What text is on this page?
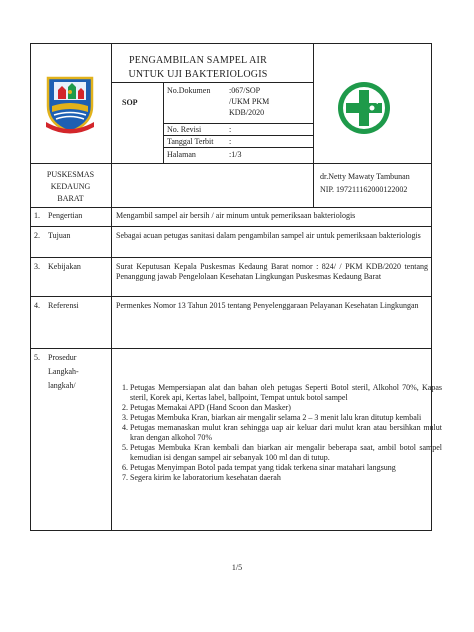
PENGAMBILAN SAMPEL AIR
UNTUK UJI BAKTERIOLOGIS
SOP
No.Dokumen :067/SOP
/UKM PKM
KDB/2020
No. Revisi	:
Tanggal Terbit :
Halaman	:1/3
PUSKESMAS
KEDAUNG
BARAT
dr.Netty Mawaty Tambunan
NIP. 197211162000122002
1. Pengertian	Mengambil sampel air bersih / air minum untuk pemeriksaan bakteriologis
2. Tujuan	Sebagai acuan petugas sanitasi dalam pengambilan sampel air untuk pemeriksaan bakteriologis
3. Kebijakan	Surat Keputusan Kepala Puskesmas Kedaung Barat nomor : 824/ / PKM KDB/2020 tentang Penanggung jawab Pengelolaan Kesehatan Lingkungan Puskesmas Kedaung Barat
4. Referensi	Permenkes Nomor 13 Tahun 2015 tentang Penyelenggaraan Pelayanan Kesehatan Lingkungan
5. Prosedur
Langkah-
langkah/
1.	Petugas Mempersiapan alat dan bahan oleh petugas Seperti Botol steril, Alkohol 70%, Kapas steril, Korek api, Kertas label, ballpoint, Tempat untuk botol sampel
2. Petugas Memakai APD (Hand Scoon dan Masker)
3. Petugas Membuka Kran, biarkan air mengalir selama 2 – 3 menit lalu kran ditutup kembali
4. Petugas memanaskan mulut kran sehingga uap air keluar dari mulut kran atau bersihkan mulut kran dengan alkohol 70%
5. Petugas Membuka Kran kembali dan biarkan air mengalir beberapa saat, ambil botol sampel kemudian isi dengan sampel air sebanyak 100 ml dan di tutup.
6. Petugas Menyimpan Botol pada tempat yang tidak terkena sinar matahari langsung
7. Segera kirim ke laboratorium kesehatan daerah
1/5
